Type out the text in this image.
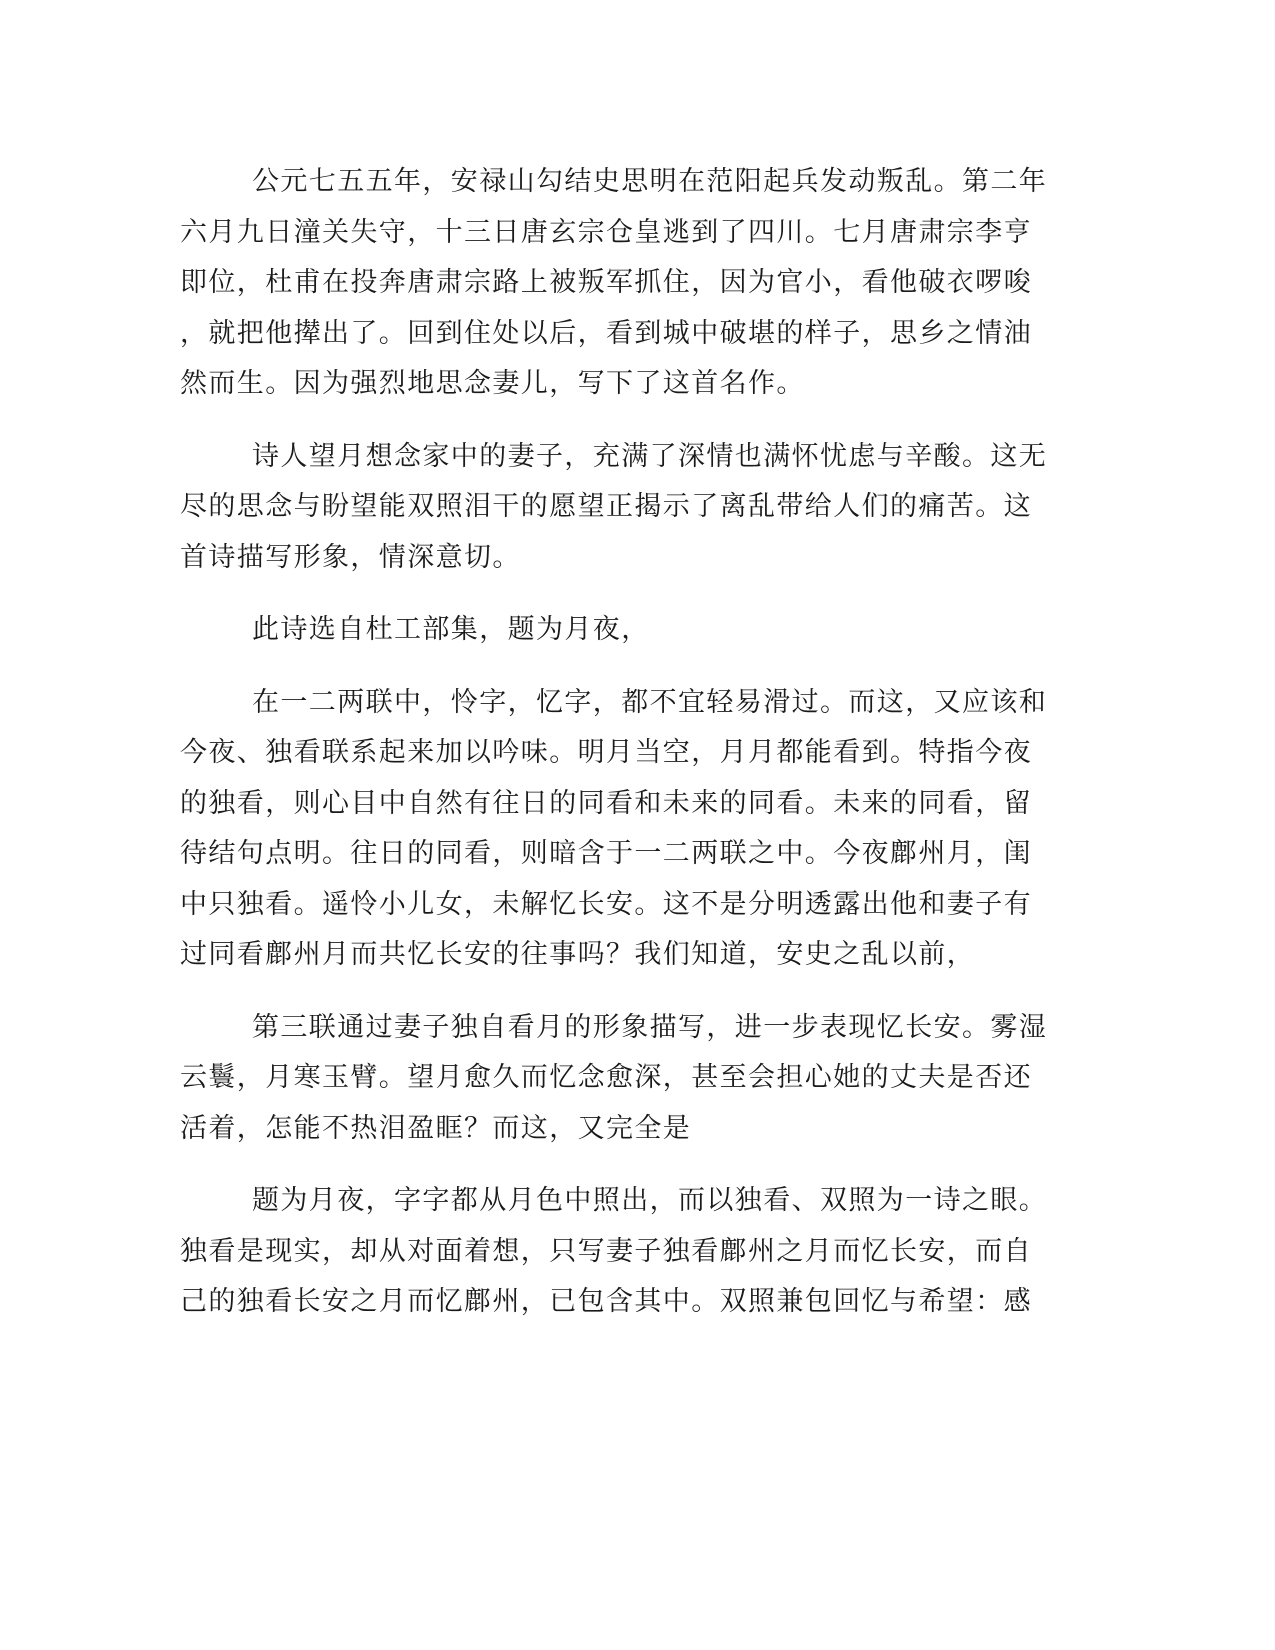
公元七五五年，安禄山勾结史思明在范阳起兵发动叛乱。第二年
六月九日潼关失守，十三日唐玄宗仓皇逃到了四川。七月唐肃宗李亨
即位，杜甫在投奔唐肃宗路上被叛军抓住，因为官小，看他破衣啰唆
，就把他撵出了。回到住处以后，看到城中破堪的样子，思乡之情油
然而生。因为强烈地思念妻儿，写下了这首名作。
诗人望月想念家中的妻子，充满了深情也满怀忧虑与辛酸。这无
尽的思念与盼望能双照泪干的愿望正揭示了离乱带给人们的痛苦。这
首诗描写形象，情深意切。
此诗选自杜工部集，题为月夜，
在一二两联中，怜字，忆字，都不宜轻易滑过。而这，又应该和
今夜、独看联系起来加以吟味。明月当空，月月都能看到。特指今夜
的独看，则心目中自然有往日的同看和未来的同看。未来的同看，留
待结句点明。往日的同看，则暗含于一二两联之中。今夜鄜州月，闺
中只独看。遥怜小儿女，未解忆长安。这不是分明透露出他和妻子有
过同看鄜州月而共忆长安的往事吗？我们知道，安史之乱以前，
第三联通过妻子独自看月的形象描写，进一步表现忆长安。雾湿
云鬟，月寒玉臂。望月愈久而忆念愈深，甚至会担心她的丈夫是否还
活着，怎能不热泪盈眶？而这，又完全是
题为月夜，字字都从月色中照出，而以独看、双照为一诗之眼。
独看是现实，却从对面着想，只写妻子独看鄜州之月而忆长安，而自
己的独看长安之月而忆鄜州，已包含其中。双照兼包回忆与希望：感
